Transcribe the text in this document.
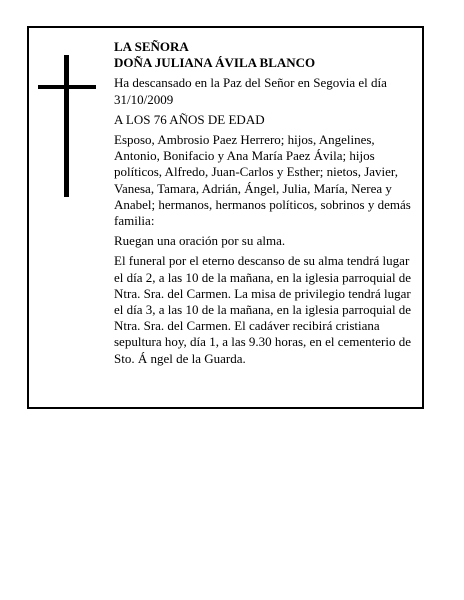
LA SEÑORA

DOÑA JULIANA ÁVILA BLANCO

Ha descansado en la Paz del Señor en Segovia el día 31/10/2009

A LOS 76 AÑOS DE EDAD

Esposo, Ambrosio Paez Herrero; hijos, Angelines, Antonio, Bonifacio y Ana María Paez Ávila; hijos políticos, Alfredo, Juan-Carlos y Esther; nietos, Javier, Vanesa, Tamara, Adrián, Ángel, Julia, María, Nerea y Anabel; hermanos, hermanos políticos, sobrinos y demás familia:

Ruegan una oración por su alma.

El funeral por el eterno descanso de su alma tendrá lugar el día 2, a las 10 de la mañana, en la iglesia parroquial de Ntra. Sra. del Carmen. La misa de privilegio tendrá lugar el día 3, a las 10 de la mañana, en la iglesia parroquial de Ntra. Sra. del Carmen. El cadáver recibirá cristiana sepultura hoy, día 1, a las 9.30 horas, en el cementerio de Sto. Á ngel de la Guarda.
